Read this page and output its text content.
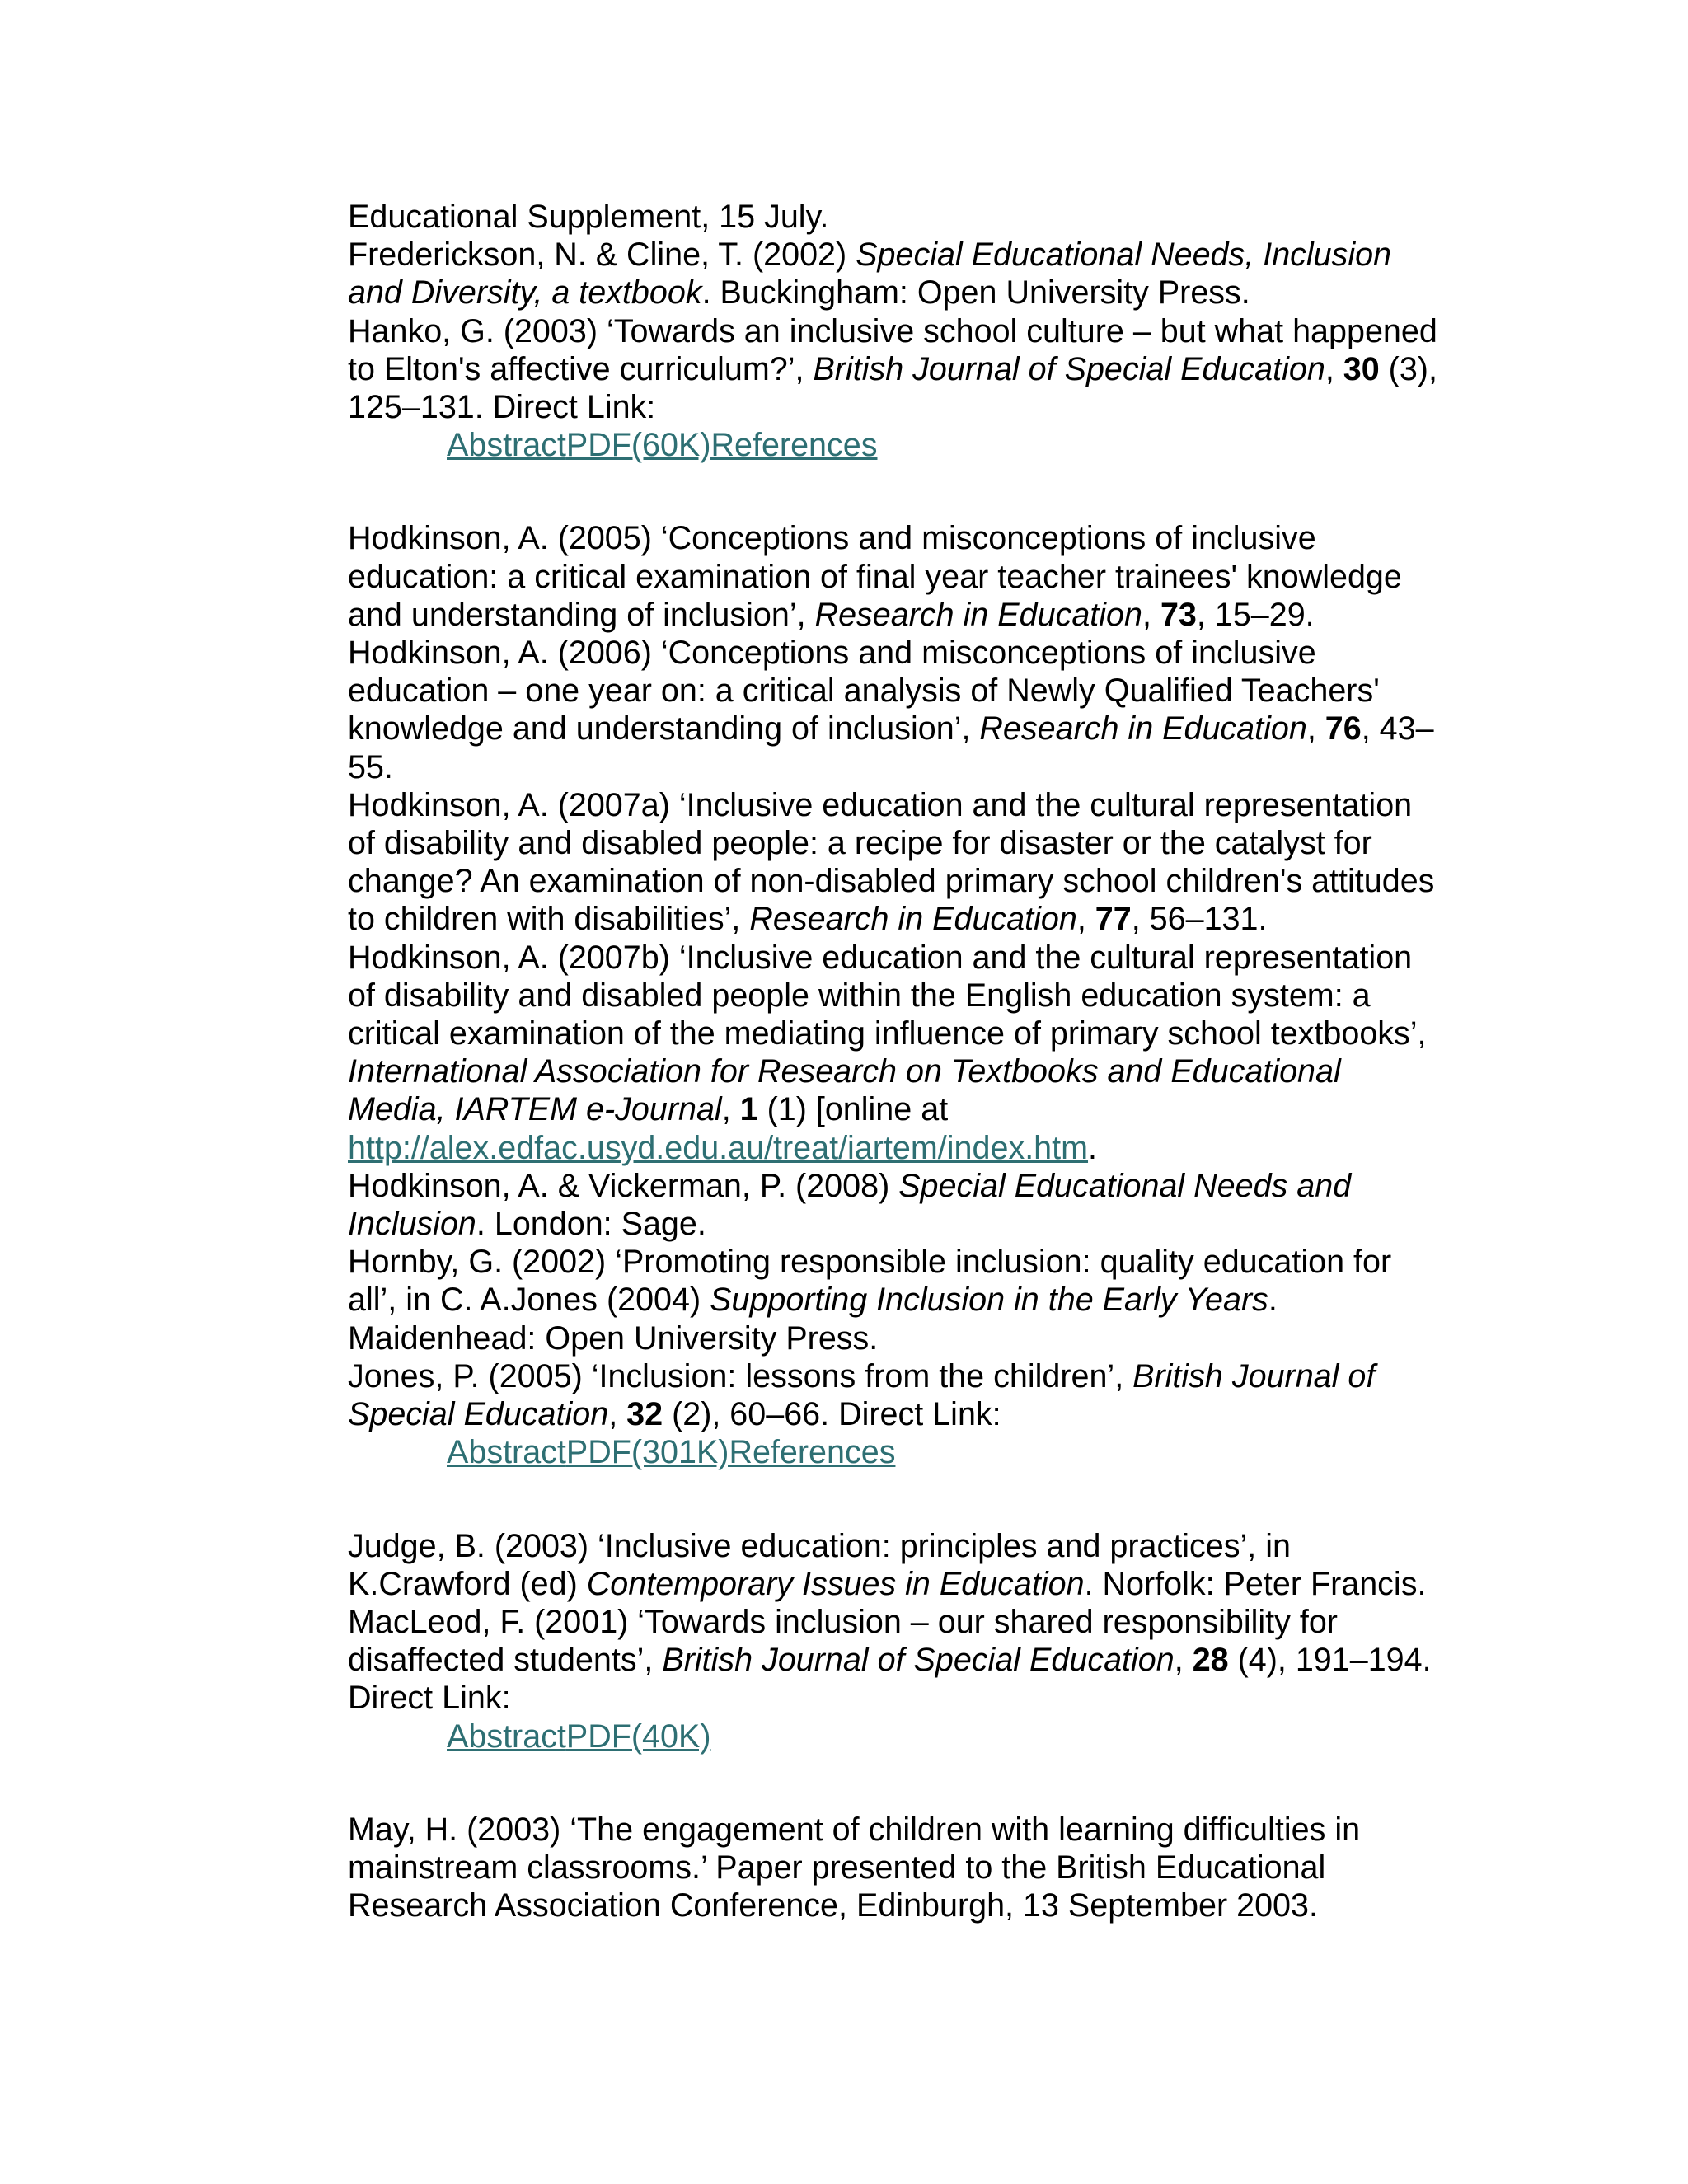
Educational Supplement, 15 July.

Frederickson, N. & Cline, T. (2002) Special Educational Needs, Inclusion and Diversity, a textbook. Buckingham: Open University Press.

Hanko, G. (2003) ‘Towards an inclusive school culture – but what happened to Elton's affective curriculum?’, British Journal of Special Education, 30 (3), 125–131. Direct Link:

AbstractPDF(60K)References

Hodkinson, A. (2005) ‘Conceptions and misconceptions of inclusive education: a critical examination of final year teacher trainees' knowledge and understanding of inclusion’, Research in Education, 73, 15–29.

Hodkinson, A. (2006) ‘Conceptions and misconceptions of inclusive education – one year on: a critical analysis of Newly Qualified Teachers' knowledge and understanding of inclusion’, Research in Education, 76, 43–55.

Hodkinson, A. (2007a) ‘Inclusive education and the cultural representation of disability and disabled people: a recipe for disaster or the catalyst for change? An examination of non-disabled primary school children's attitudes to children with disabilities’, Research in Education, 77, 56–131.

Hodkinson, A. (2007b) ‘Inclusive education and the cultural representation of disability and disabled people within the English education system: a critical examination of the mediating influence of primary school textbooks’, International Association for Research on Textbooks and Educational Media, IARTEM e-Journal, 1 (1) [online at http://alex.edfac.usyd.edu.au/treat/iartem/index.htm.

Hodkinson, A. & Vickerman, P. (2008) Special Educational Needs and Inclusion. London: Sage.

Hornby, G. (2002) ‘Promoting responsible inclusion: quality education for all’, in C. A.Jones (2004) Supporting Inclusion in the Early Years. Maidenhead: Open University Press.

Jones, P. (2005) ‘Inclusion: lessons from the children’, British Journal of Special Education, 32 (2), 60–66. Direct Link:

AbstractPDF(301K)References

Judge, B. (2003) ‘Inclusive education: principles and practices’, in K.Crawford (ed) Contemporary Issues in Education. Norfolk: Peter Francis.

MacLeod, F. (2001) ‘Towards inclusion – our shared responsibility for disaffected students’, British Journal of Special Education, 28 (4), 191–194. Direct Link:

AbstractPDF(40K)

May, H. (2003) ‘The engagement of children with learning difficulties in mainstream classrooms.’ Paper presented to the British Educational Research Association Conference, Edinburgh, 13 September 2003.
